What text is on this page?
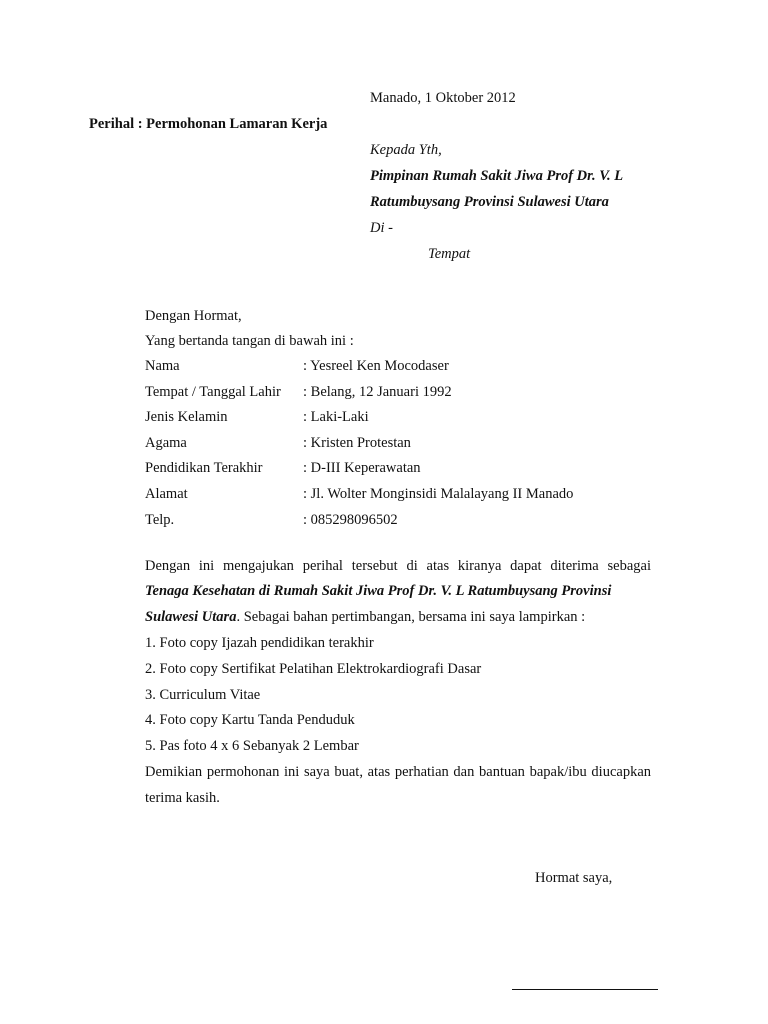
Manado, 1 Oktober 2012
Perihal : Permohonan Lamaran Kerja
Kepada Yth,
Pimpinan Rumah Sakit Jiwa Prof Dr. V. L
Ratumbuysang Provinsi Sulawesi Utara
Di -
Tempat
Dengan Hormat,
Yang bertanda tangan di bawah ini :
Nama	: Yesreel Ken Mocodaser
Tempat / Tanggal Lahir : Belang, 12 Januari 1992
Jenis Kelamin	: Laki-Laki
Agama	: Kristen Protestan
Pendidikan Terakhir	: D-III Keperawatan
Alamat	: Jl. Wolter Monginsidi Malalayang II Manado
Telp.	: 085298096502
Dengan ini mengajukan perihal tersebut di atas kiranya dapat diterima sebagai
Tenaga Kesehatan di Rumah Sakit Jiwa Prof Dr. V. L Ratumbuysang Provinsi
Sulawesi Utara. Sebagai bahan pertimbangan, bersama ini saya lampirkan :
1. Foto copy Ijazah pendidikan terakhir
2. Foto copy Sertifikat Pelatihan Elektrokardiografi Dasar
3. Curriculum Vitae
4. Foto copy Kartu Tanda Penduduk
5. Pas foto 4 x 6 Sebanyak 2 Lembar
Demikian permohonan ini saya buat, atas perhatian dan bantuan bapak/ibu diucapkan
terima kasih.
Hormat saya,
